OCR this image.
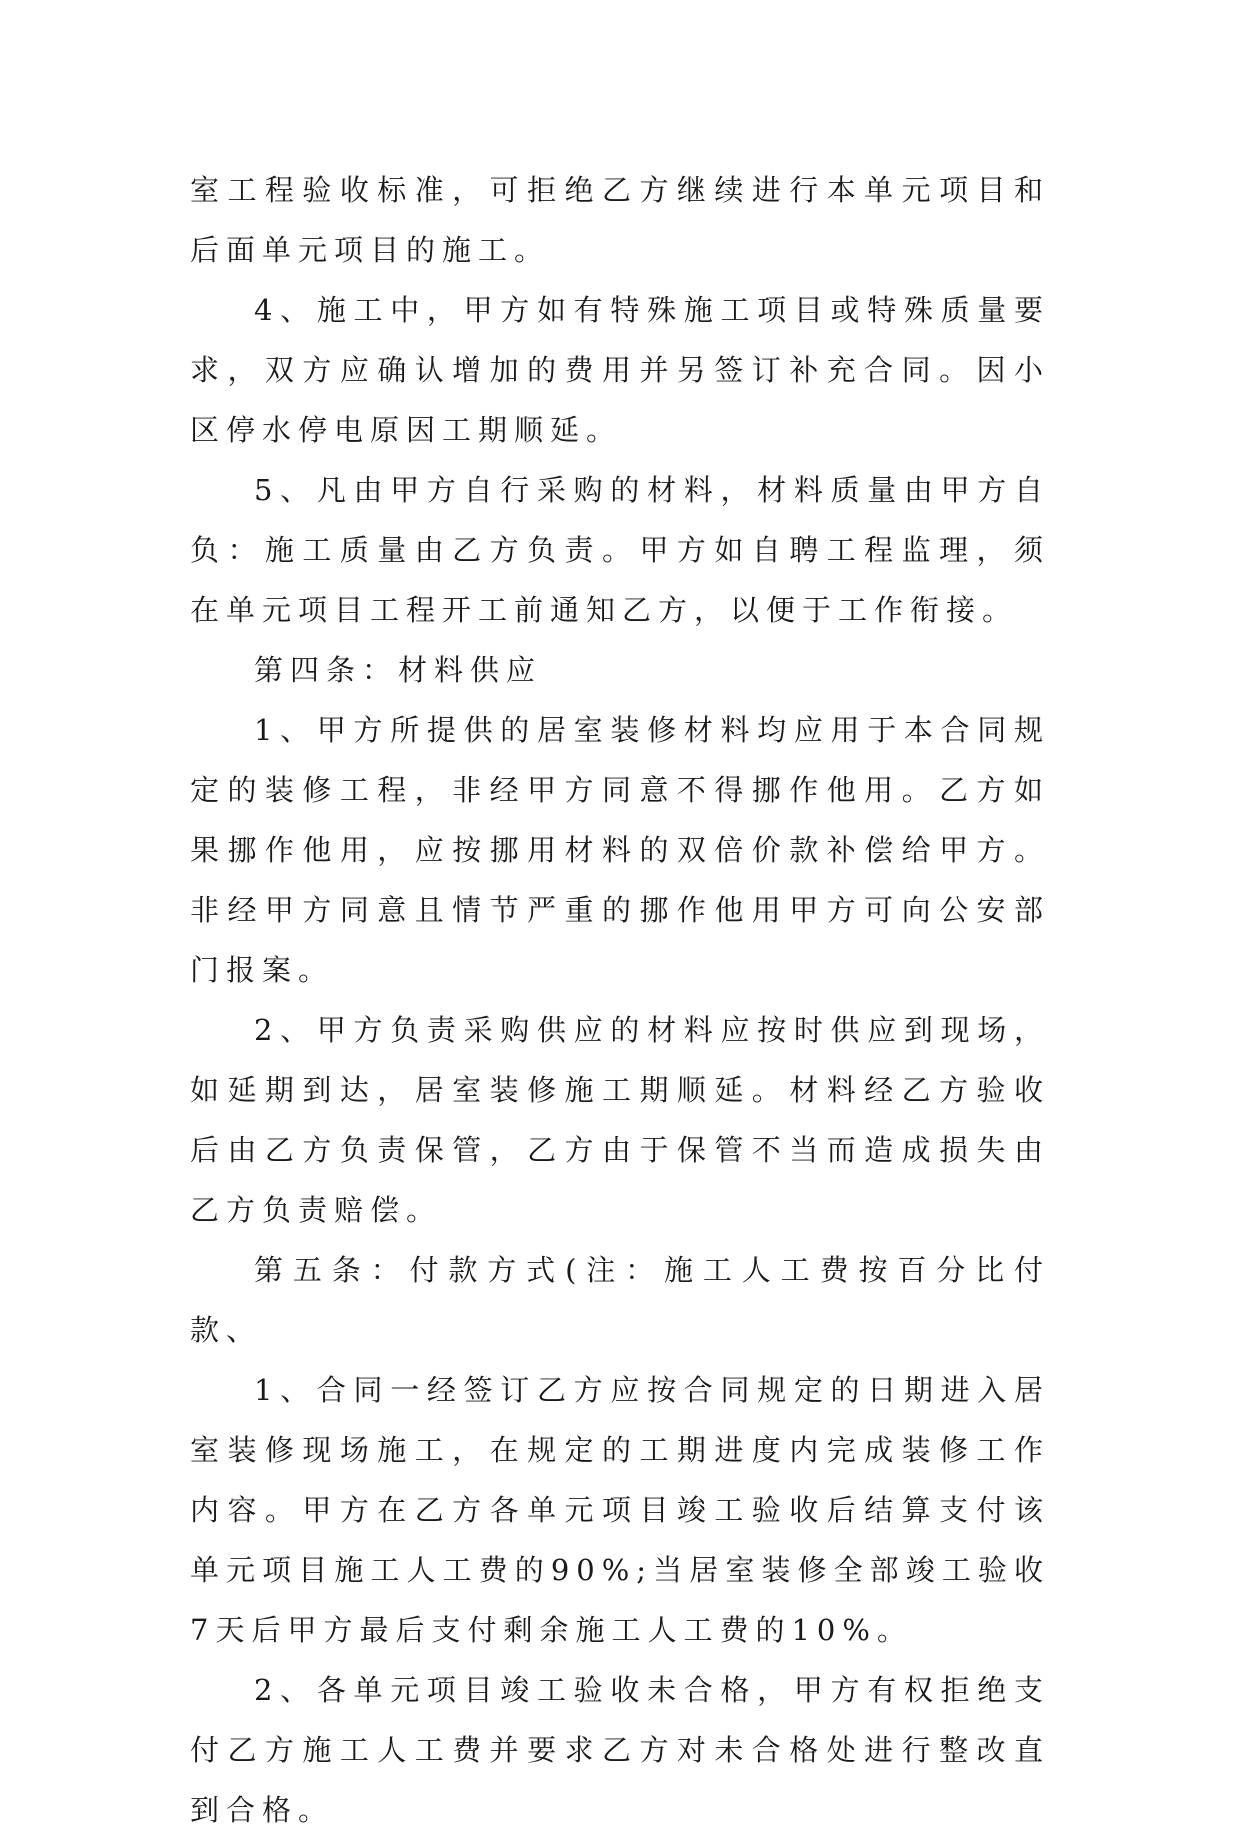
室工程验收标准，可拒绝乙方继续进行本单元项目和后面单元项目的施工。

4、施工中，甲方如有特殊施工项目或特殊质量要求，双方应确认增加的费用并另签订补充合同。因小区停水停电原因工期顺延。

5、凡由甲方自行采购的材料，材料质量由甲方自负：施工质量由乙方负责。甲方如自聘工程监理，须在单元项目工程开工前通知乙方，以便于工作衔接。

第四条：材料供应

1、甲方所提供的居室装修材料均应用于本合同规定的装修工程，非经甲方同意不得挪作他用。乙方如果挪作他用，应按挪用材料的双倍价款补偿给甲方。非经甲方同意且情节严重的挪作他用甲方可向公安部门报案。

2、甲方负责采购供应的材料应按时供应到现场，如延期到达，居室装修施工期顺延。材料经乙方验收后由乙方负责保管，乙方由于保管不当而造成损失由乙方负责赔偿。

第五条：付款方式(注：施工人工费按百分比付款、

1、合同一经签订乙方应按合同规定的日期进入居室装修现场施工，在规定的工期进度内完成装修工作内容。甲方在乙方各单元项目竣工验收后结算支付该单元项目施工人工费的90%;当居室装修全部竣工验收7天后甲方最后支付剩余施工人工费的10%。

2、各单元项目竣工验收未合格，甲方有权拒绝支付乙方施工人工费并要求乙方对未合格处进行整改直到合格。
